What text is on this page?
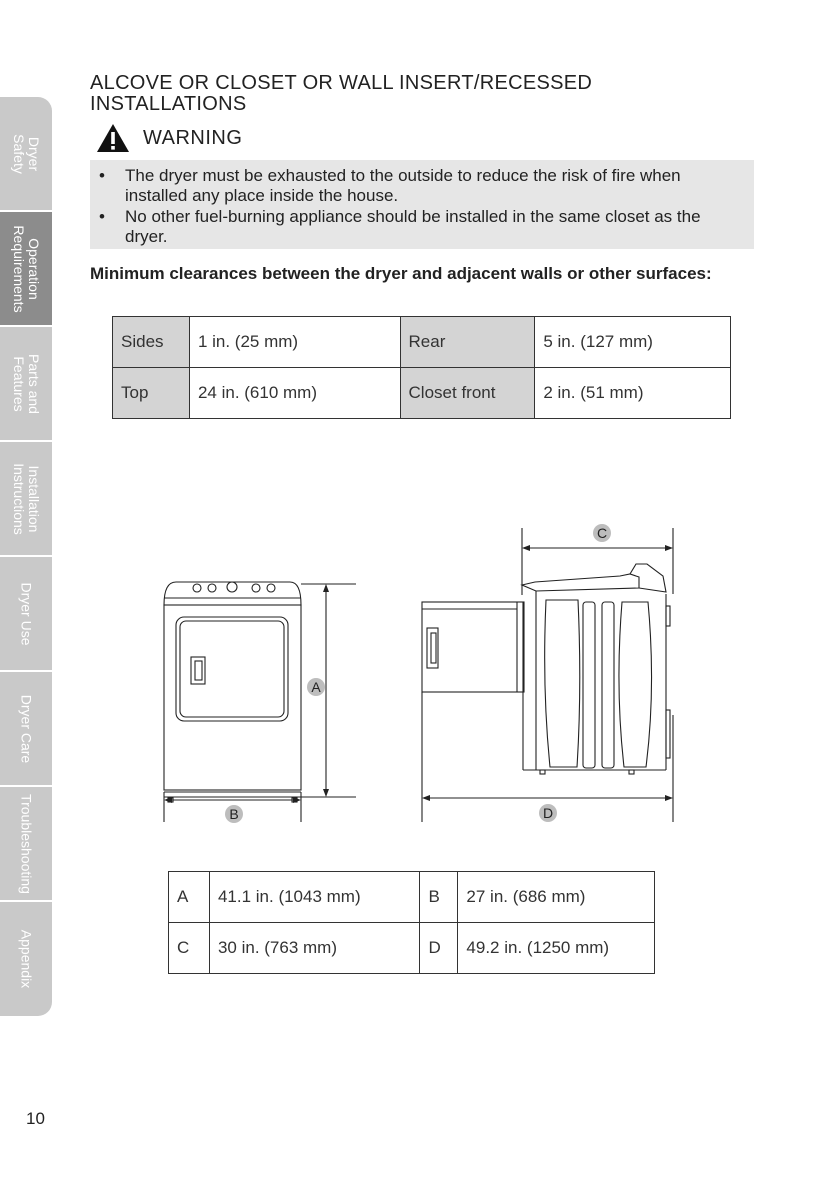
Dryer
Safety
Operation
Requirements
Parts and
Features
Installation
Instructions
Dryer Use
Dryer Care
Troubleshooting
Appendix
ALCOVE OR CLOSET OR WALL INSERT/RECESSED INSTALLATIONS
WARNING
• The dryer must be exhausted to the outside to reduce the risk of fire when installed any place inside the house.
• No other fuel-burning appliance should be installed in the same closet as the dryer.
Minimum clearances between the dryer and adjacent walls or other surfaces:
Sides	1 in. (25 mm)	Rear	5 in. (127 mm)
Top	24 in. (610 mm)	Closet front	2 in. (51 mm)
A
B
C
D
A	41.1 in. (1043 mm)	B	27 in. (686 mm)
C	30 in. (763 mm)	D	49.2 in. (1250 mm)
10
